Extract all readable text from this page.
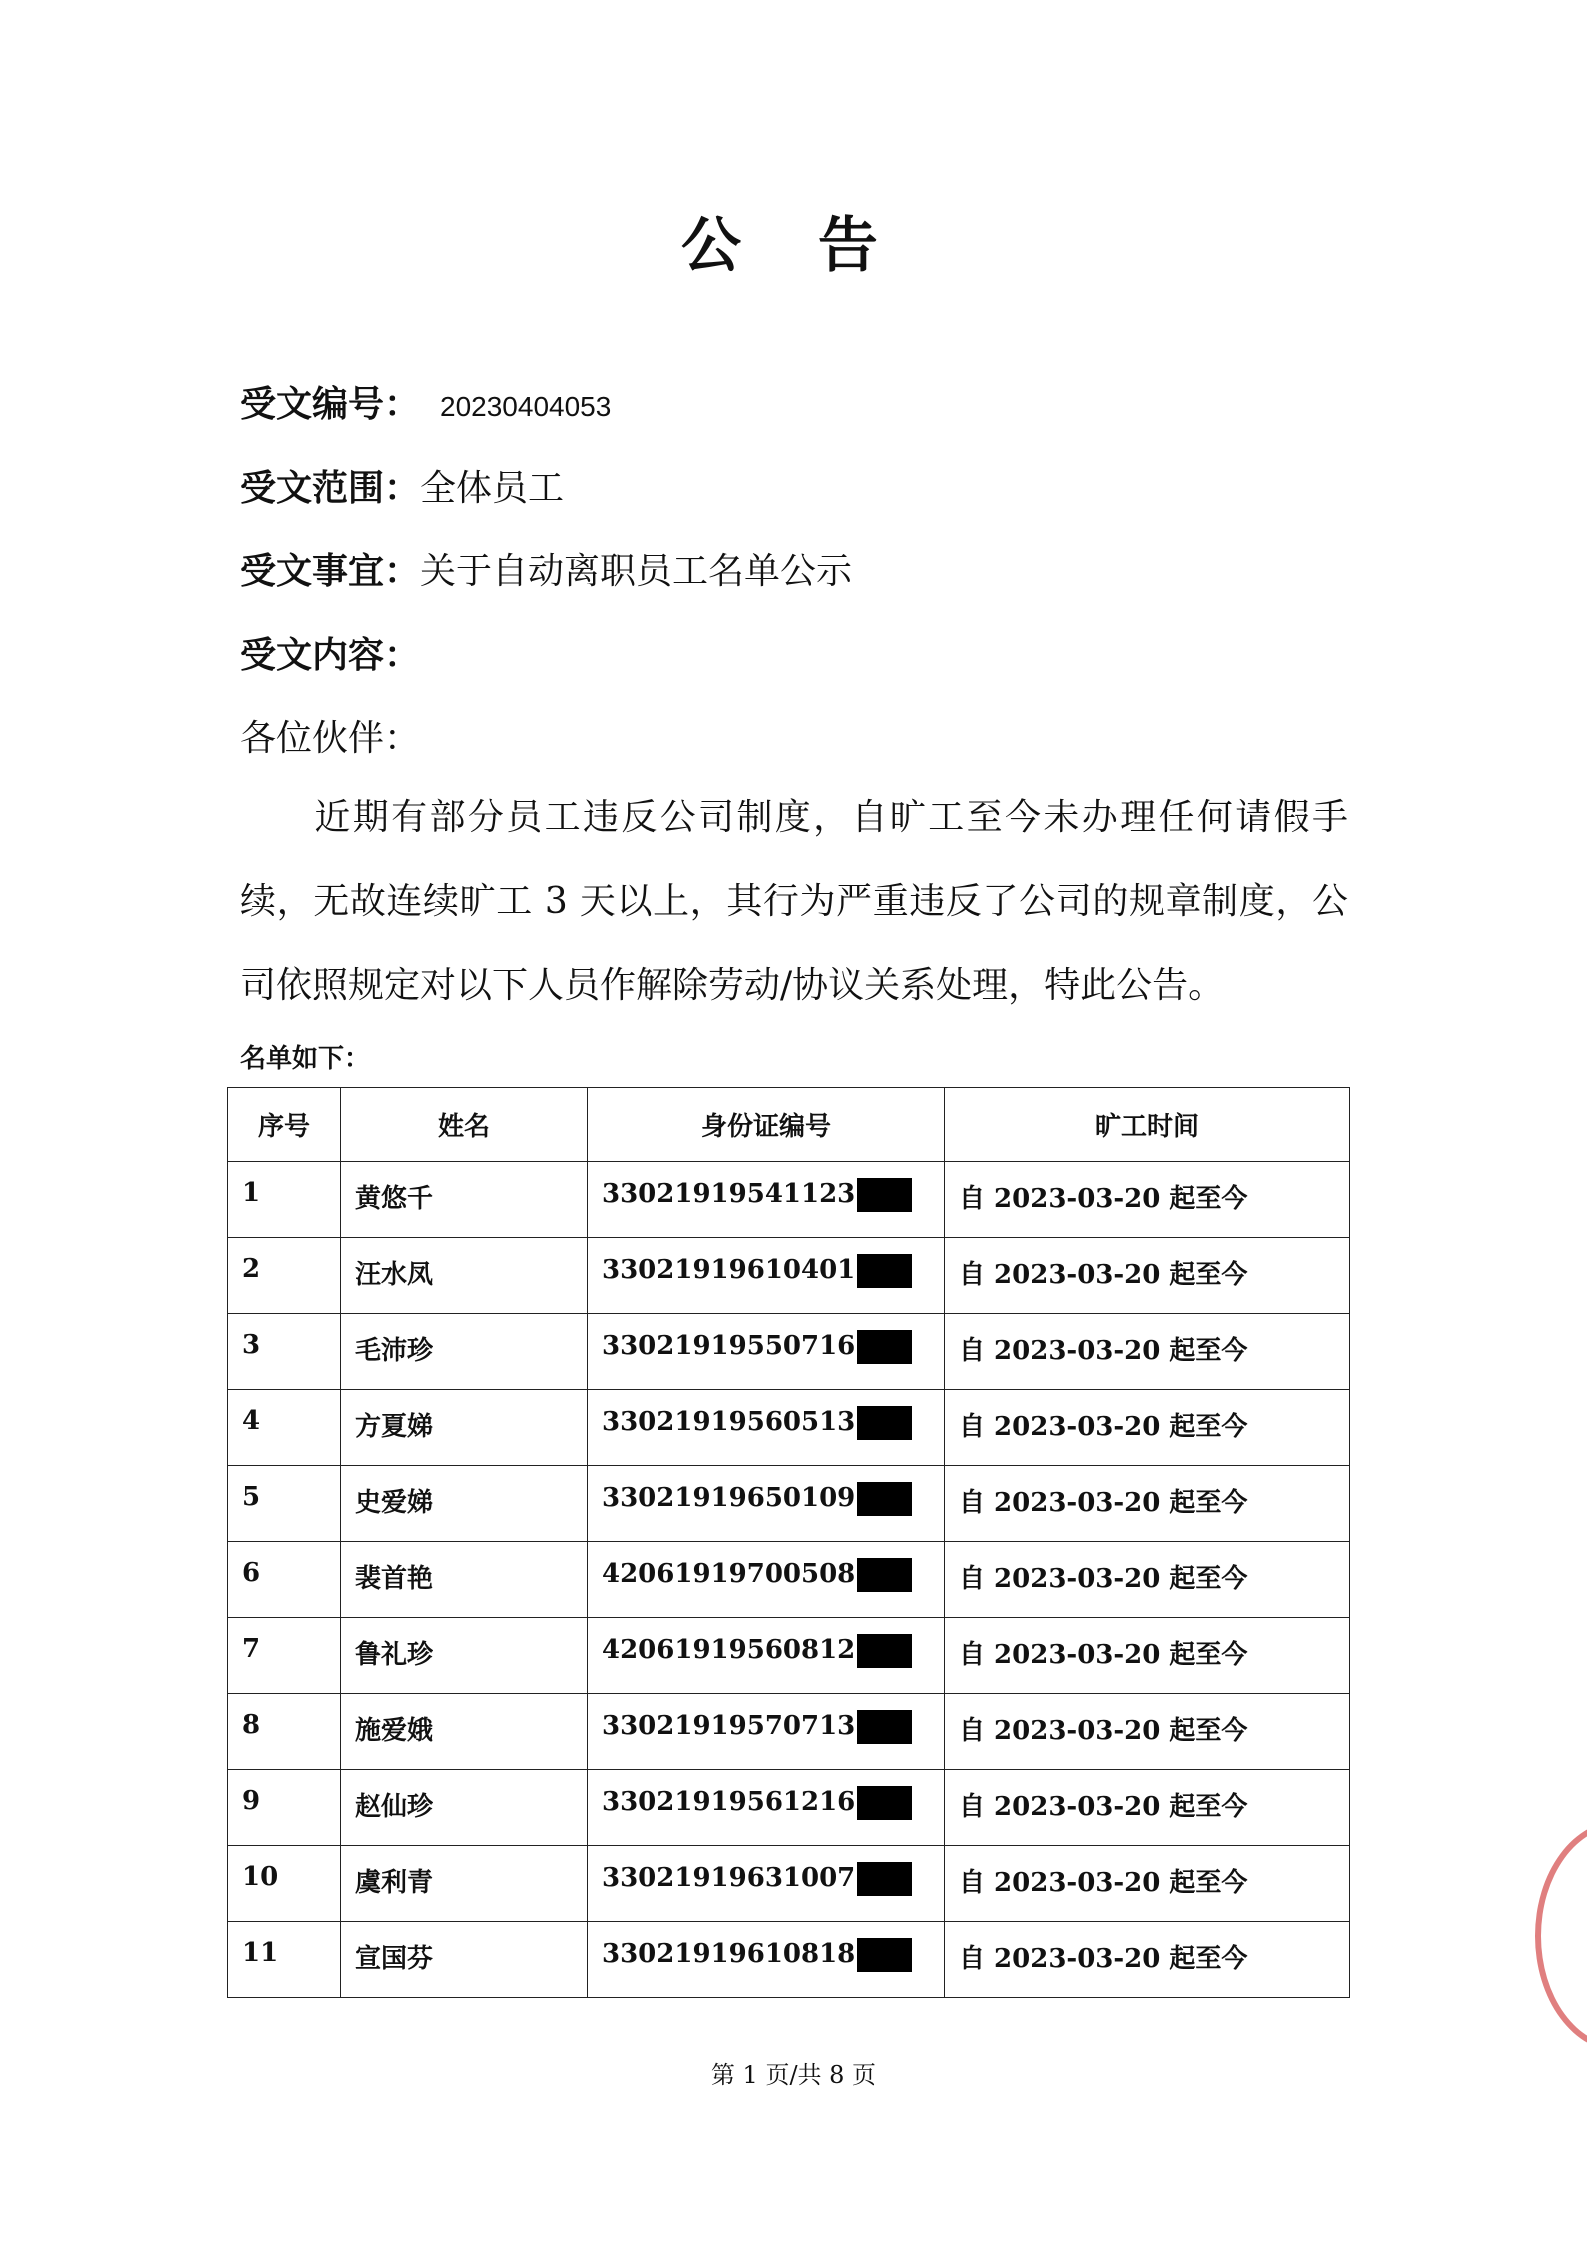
公 告
受文编号： 20230404053
受文范围：全体员工
受文事宜：关于自动离职员工名单公示
受文内容：
各位伙伴：
近期有部分员工违反公司制度，自旷工至今未办理任何请假手续，无故连续旷工 3 天以上，其行为严重违反了公司的规章制度，公司依照规定对以下人员作解除劳动/协议关系处理，特此公告。
名单如下：
序号	姓名	身份证编号	旷工时间
1	黄悠千	33021919541123	自 2023-03-20 起至今
2	汪水凤	33021919610401	自 2023-03-20 起至今
3	毛沛珍	33021919550716	自 2023-03-20 起至今
4	方夏娣	33021919560513	自 2023-03-20 起至今
5	史爱娣	33021919650109	自 2023-03-20 起至今
6	裴首艳	42061919700508	自 2023-03-20 起至今
7	鲁礼珍	42061919560812	自 2023-03-20 起至今
8	施爱娥	33021919570713	自 2023-03-20 起至今
9	赵仙珍	33021919561216	自 2023-03-20 起至今
10	虞利青	33021919631007	自 2023-03-20 起至今
11	宣国芬	33021919610818	自 2023-03-20 起至今
第 1 页/共 8 页
